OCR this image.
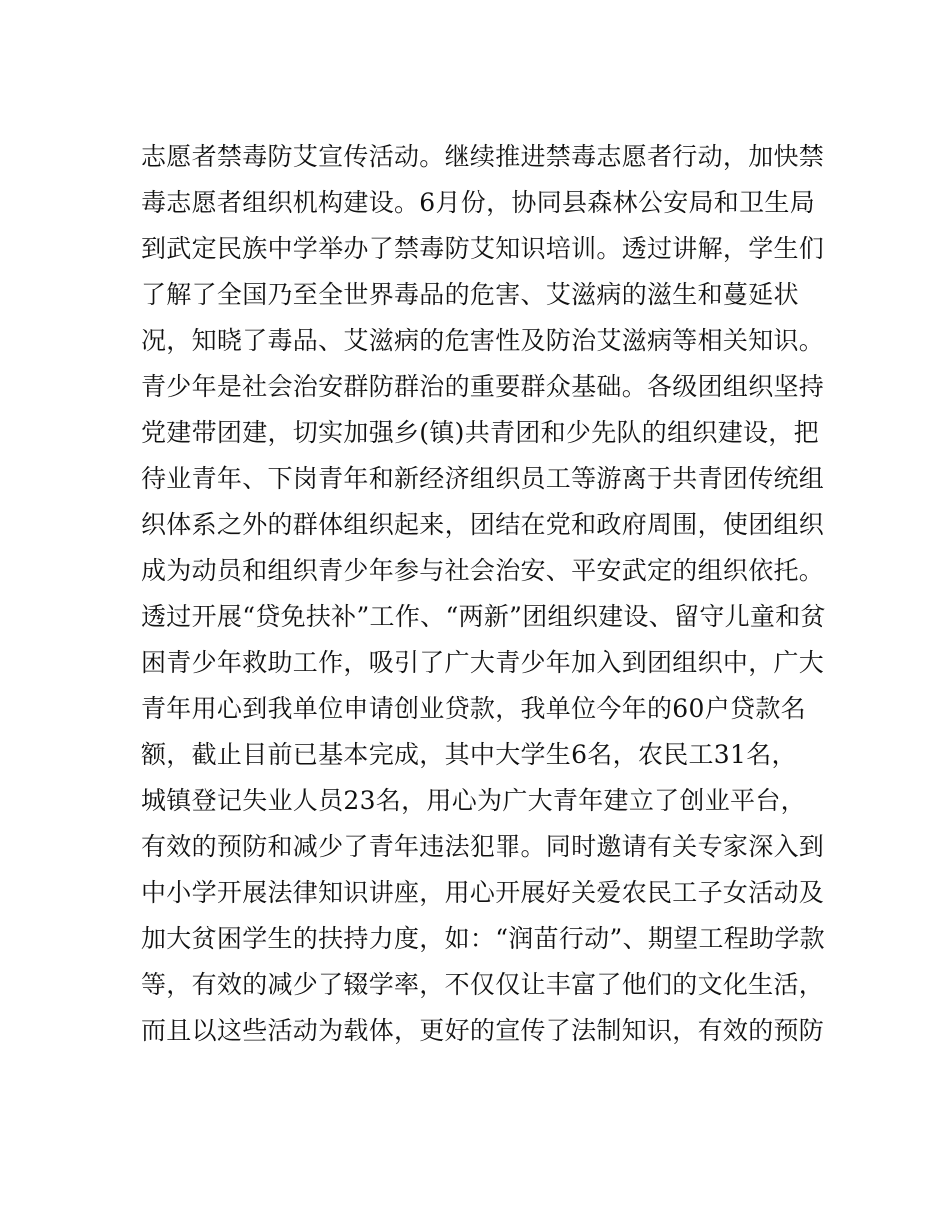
志愿者禁毒防艾宣传活动。继续推进禁毒志愿者行动，加快禁
毒志愿者组织机构建设。6月份，协同县森林公安局和卫生局
到武定民族中学举办了禁毒防艾知识培训。透过讲解，学生们
了解了全国乃至全世界毒品的危害、艾滋病的滋生和蔓延状
况，知晓了毒品、艾滋病的危害性及防治艾滋病等相关知识。
青少年是社会治安群防群治的重要群众基础。各级团组织坚持
党建带团建，切实加强乡(镇)共青团和少先队的组织建设，把
待业青年、下岗青年和新经济组织员工等游离于共青团传统组
织体系之外的群体组织起来，团结在党和政府周围，使团组织
成为动员和组织青少年参与社会治安、平安武定的组织依托。
透过开展“贷免扶补”工作、“两新”团组织建设、留守儿童和贫
困青少年救助工作，吸引了广大青少年加入到团组织中，广大
青年用心到我单位申请创业贷款，我单位今年的60户贷款名
额，截止目前已基本完成，其中大学生6名，农民工31名，
城镇登记失业人员23名，用心为广大青年建立了创业平台，
有效的预防和减少了青年违法犯罪。同时邀请有关专家深入到
中小学开展法律知识讲座，用心开展好关爱农民工子女活动及
加大贫困学生的扶持力度，如：“润苗行动”、期望工程助学款
等，有效的减少了辍学率，不仅仅让丰富了他们的文化生活，
而且以这些活动为载体，更好的宣传了法制知识，有效的预防
